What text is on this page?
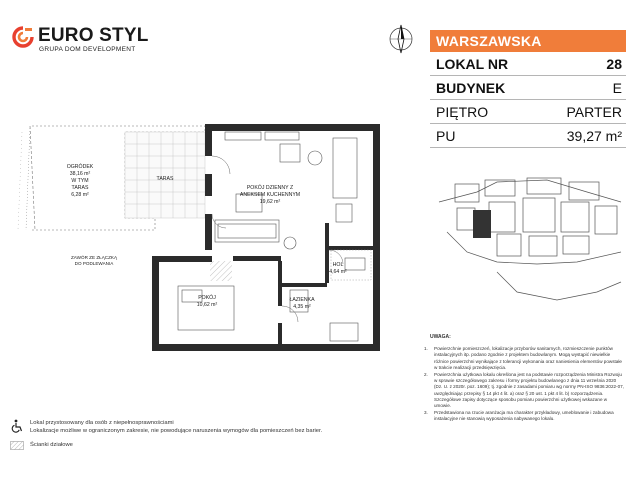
EURO STYL
GRUPA DOM DEVELOPMENT
WARSZAWSKA
LOKAL NR	28
BUDYNEK	E
PIĘTRO	PARTER
PU	39,27 m²
OGRÓDEK
38,16 m²
W TYM
TARAS
6,28 m²
TARAS
POKÓJ DZIENNY Z
ANEKSEM KUCHENNYM
19,62 m²
HOL
4,64 m²
ŁAZIENKA
4,35 m²
POKÓJ
10,62 m²
ZAWÓR ZE ZŁĄCZKĄ
DO PODLEWANIA
UWAGA:
1.	Powierzchnie pomieszczeń, lokalizacje przyborów sanitarnych, rozmieszczenie punktów instalacyjnych itp. podano zgodnie z projektem budowlanym. Mogą wystąpić niewielkie różnice powierzchni wynikające z tolerancji wykonania oraz naniesienia elementów powstałe w trakcie realizacji przedsięwzięcia.
2.	Powierzchnia użytkowa lokalu określona jest na podstawie rozporządzenia Ministra Rozwoju w sprawie szczegółowego zakresu i formy projektu budowlanego z dnia 11 września 2020 (Dz. U. z 2020r. poz. 1609); tj. zgodnie z zasadami pomiaru wg normy PN-ISO 9836:2022-07, uwzględniając przepisy § 14 pkt 4 lit. a) oraz § 20 ust. 1 pkt 4 lit. b) rozporządzenia. Szczegółowe zapisy dotyczące sposobu pomiaru powierzchni użytkowej wskazane w umowie.
3.	Przedstawiona na rzucie aranżacja ma charakter przykładowy, umeblowanie i zabudowa instalacyjne nie stanowią wyposażenia nabywanego lokalu.
Lokal przystosowany dla osób z niepełnosprawnościami
Lokalizacje możliwe w ograniczonym zakresie, nie powodujące naruszenia wymogów dla pomieszczeń bez barier.
Ścianki działowe
